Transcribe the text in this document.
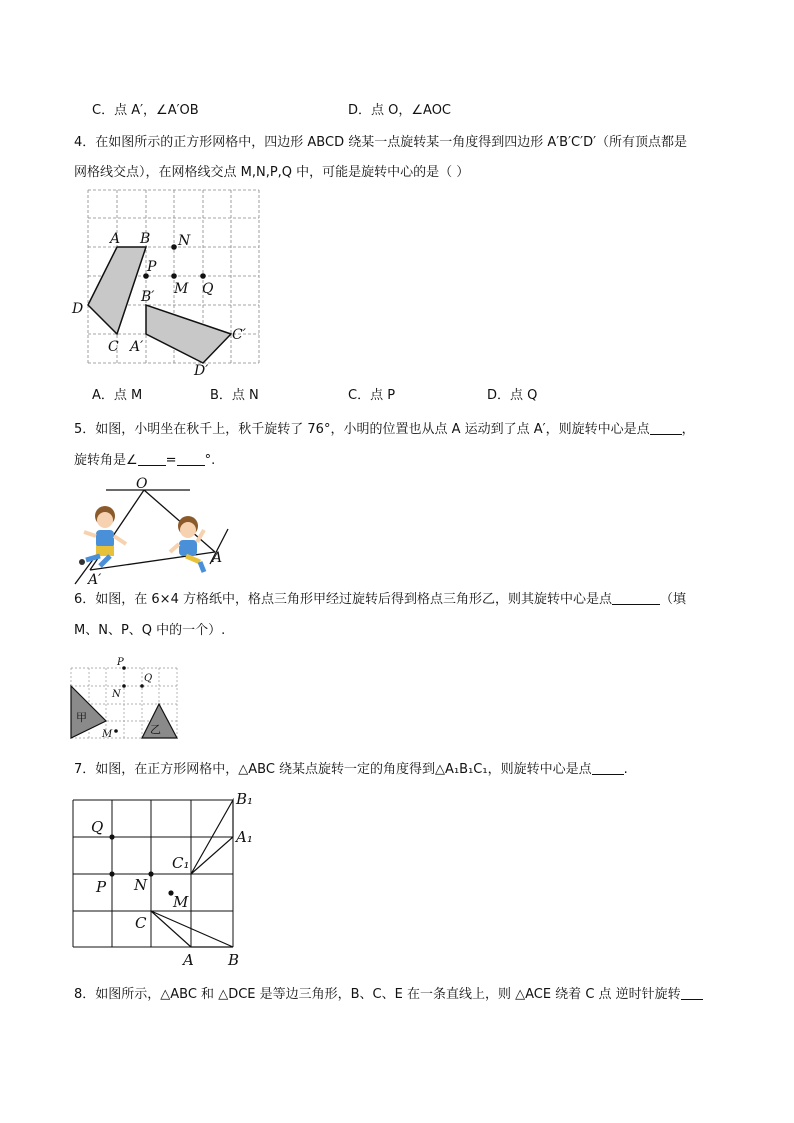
C．点 A′，∠A′OB	D．点 O，∠AOC
4．在如图所示的正方形网格中，四边形 ABCD 绕某一点旋转某一角度得到四边形 A′B′C′D′（所有顶点都是
网格线交点），在网格线交点 M,N,P,Q 中，可能是旋转中心的是（ ）
A B N
P
M Q
B′
D
C′
C A′
D′
A．点 M	B．点 N	C．点 P	D．点 Q
5．如图，小明坐在秋千上，秋千旋转了 76°，小明的位置也从点 A 运动到了点 A′，则旋转中心是点 ，
旋转角是∠ = °.
O
A
A′
6．如图，在 6×4 方格纸中，格点三角形甲经过旋转后得到格点三角形乙，则其旋转中心是点	（填
M、N、P、Q 中的一个）.
P
Q
N
M
甲
乙
7．如图，在正方形网格中，△ABC 绕某点旋转一定的角度得到△A₁B₁C₁，则旋转中心是点 .
B₁
A₁
C₁
Q
P N
M
C
A B
8．如图所示，△ABC 和 △DCE 是等边三角形，B、C、E 在一条直线上，则 △ACE 绕着 C 点 逆时针旋转
